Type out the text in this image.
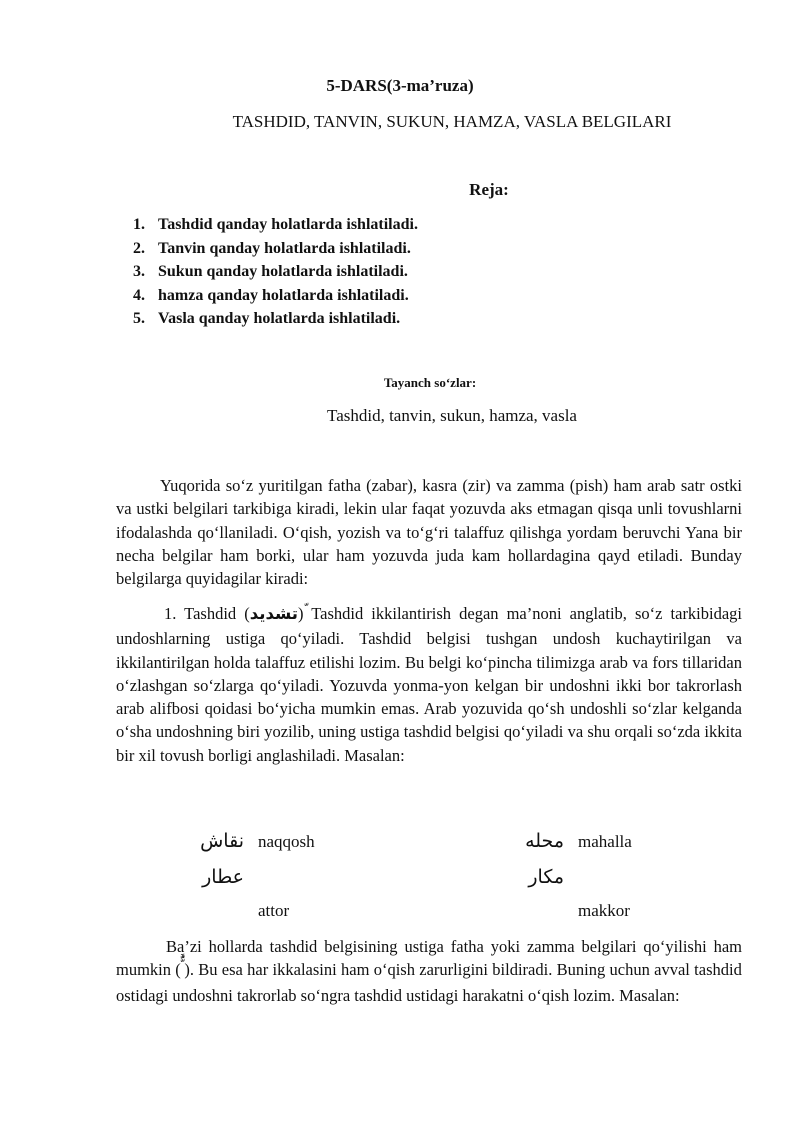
5-DARS(3-ma’ruza)
TASHDID, TANVIN, SUKUN, HAMZA, VASLA BELGILARI
Reja:
1. Tashdid qanday holatlarda ishlatiladi.
2. Tanvin qanday holatlarda ishlatiladi.
3. Sukun qanday holatlarda ishlatiladi.
4. hamza qanday holatlarda ishlatiladi.
5. Vasla qanday holatlarda ishlatiladi.
Tayanch so‘zlar:
Tashdid, tanvin, sukun, hamza, vasla

Yuqorida so‘z yuritilgan fatha (zabar), kasra (zir) va zamma (pish) ham arab satr ostki va ustki belgilari tarkibiga kiradi, lekin ular faqat yozuvda aks etmagan qisqa unli tovushlarni ifodalashda qo‘llaniladi. O‘qish, yozish va to‘g‘ri talaffuz qilishga yordam beruvchi Yana bir necha belgilar ham borki, ular ham yozuvda juda kam hollardagina qayd etiladi. Bunday belgilarga quyidagilar kiradi:

1. Tashdid (تشديد) Tashdid ikkilantirish degan ma’noni anglatib, so‘z tarkibidagi undoshlarning ustiga qo‘yiladi. Tashdid belgisi tushgan undosh kuchaytirilgan va ikkilantirilgan holda talaffuz etilishi lozim. Bu belgi ko‘pincha tilimizga arab va fors tillaridan o‘zlashgan so‘zlarga qo‘yiladi. Yozuvda yonma-yon kelgan bir undoshni ikki bor takrorlash arab alifbosi qoidasi bo‘yicha mumkin emas. Arab yozuvida qo‘sh undoshli so‘zlar kelganda o‘sha undoshning biri yozilib, uning ustiga tashdid belgisi qo‘yiladi va shu orqali so‘zda ikkita bir xil tovush borligi anglashiladi. Masalan:

نقاش naqqosh	محله mahalla
عطار
attor
مكار
makkor

Ba’zi hollarda tashdid belgisining ustiga fatha yoki zamma belgilari qo‘yilishi ham mumkin (ُّ َّ). Bu esa har ikkalasini ham o‘qish zarurligini bildiradi. Buning uchun avval tashdid ostidagi undoshni takrorlab so‘ngra tashdid ustidagi harakatni o‘qish lozim. Masalan:
